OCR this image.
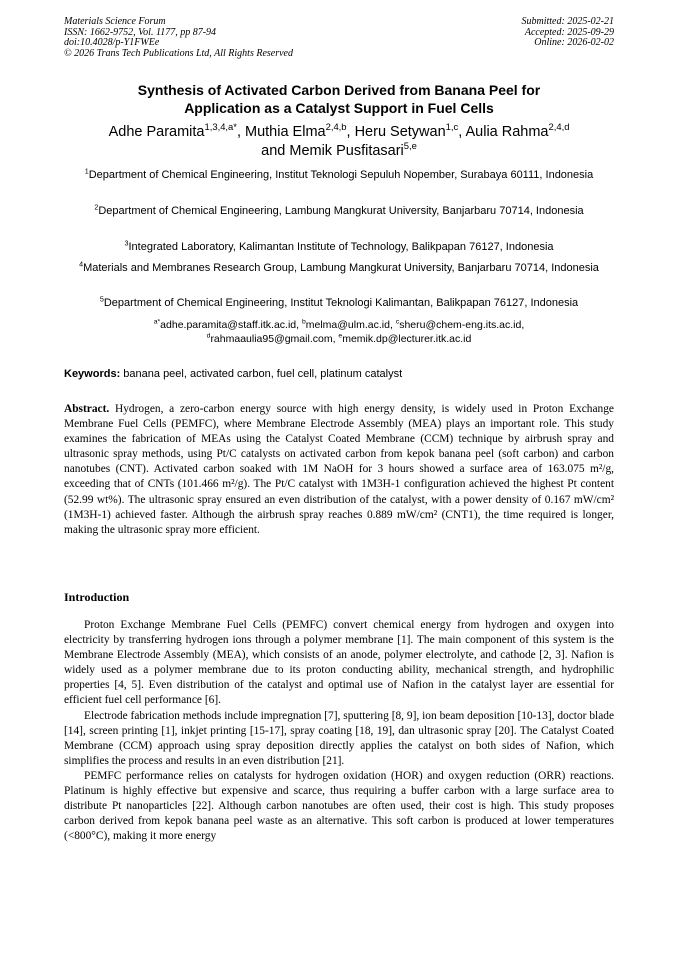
Materials Science Forum
ISSN: 1662-9752, Vol. 1177, pp 87-94
doi:10.4028/p-Y1FWEe
© 2026 Trans Tech Publications Ltd, All Rights Reserved
Submitted: 2025-02-21
Accepted: 2025-09-29
Online: 2026-02-02
Synthesis of Activated Carbon Derived from Banana Peel for
Application as a Catalyst Support in Fuel Cells
Adhe Paramita$^{1,3,4,a*}$, Muthia Elma$^{2,4,b}$, Heru Setywan$^{1,c}$, Aulia Rahma$^{2,4,d}$
and Memik Pusfitasari$^{5,e}$
$^1$Department of Chemical Engineering, Institut Teknologi Sepuluh Nopember, Surabaya 60111, Indonesia
$^2$Department of Chemical Engineering, Lambung Mangkurat University, Banjarbaru 70714, Indonesia
$^3$Integrated Laboratory, Kalimantan Institute of Technology, Balikpapan 76127, Indonesia
$^4$Materials and Membranes Research Group, Lambung Mangkurat University, Banjarbaru 70714, Indonesia
$^5$Department of Chemical Engineering, Institut Teknologi Kalimantan, Balikpapan 76127, Indonesia
$^{a*}$adhe.paramita@staff.itk.ac.id, $^b$melma@ulm.ac.id, $^c$sheru@chem-eng.its.ac.id,
$^d$rahmaaulia95@gmail.com, $^e$memik.dp@lecturer.itk.ac.id
Keywords: banana peel, activated carbon, fuel cell, platinum catalyst
Abstract. Hydrogen, a zero-carbon energy source with high energy density, is widely used in Proton Exchange Membrane Fuel Cells (PEMFC), where Membrane Electrode Assembly (MEA) plays an important role. This study examines the fabrication of MEAs using the Catalyst Coated Membrane (CCM) technique by airbrush spray and ultrasonic spray methods, using Pt/C catalysts on activated carbon from kepok banana peel (soft carbon) and carbon nanotubes (CNT). Activated carbon soaked with 1M NaOH for 3 hours showed a surface area of 163.075 m²/g, exceeding that of CNTs (101.466 m²/g). The Pt/C catalyst with 1M3H-1 configuration achieved the highest Pt content (52.99 wt%). The ultrasonic spray ensured an even distribution of the catalyst, with a power density of 0.167 mW/cm² (1M3H-1) achieved faster. Although the airbrush spray reaches 0.889 mW/cm² (CNT1), the time required is longer, making the ultrasonic spray more efficient.
Introduction

Proton Exchange Membrane Fuel Cells (PEMFC) convert chemical energy from hydrogen and oxygen into electricity by transferring hydrogen ions through a polymer membrane [1]. The main component of this system is the Membrane Electrode Assembly (MEA), which consists of an anode, polymer electrolyte, and cathode [2, 3]. Nafion is widely used as a polymer membrane due to its proton conducting ability, mechanical strength, and hydrophilic properties [4, 5]. Even distribution of the catalyst and optimal use of Nafion in the catalyst layer are essential for efficient fuel cell performance [6].

Electrode fabrication methods include impregnation [7], sputtering [8, 9], ion beam deposition [10-13], doctor blade [14], screen printing [1], inkjet printing [15-17], spray coating [18, 19], dan ultrasonic spray [20]. The Catalyst Coated Membrane (CCM) approach using spray deposition directly applies the catalyst on both sides of Nafion, which simplifies the process and results in an even distribution [21].

PEMFC performance relies on catalysts for hydrogen oxidation (HOR) and oxygen reduction (ORR) reactions. Platinum is highly effective but expensive and scarce, thus requiring a buffer carbon with a large surface area to distribute Pt nanoparticles [22]. Although carbon nanotubes are often used, their cost is high. This study proposes carbon derived from kepok banana peel waste as an alternative. This soft carbon is produced at lower temperatures (<800°C), making it more energy
